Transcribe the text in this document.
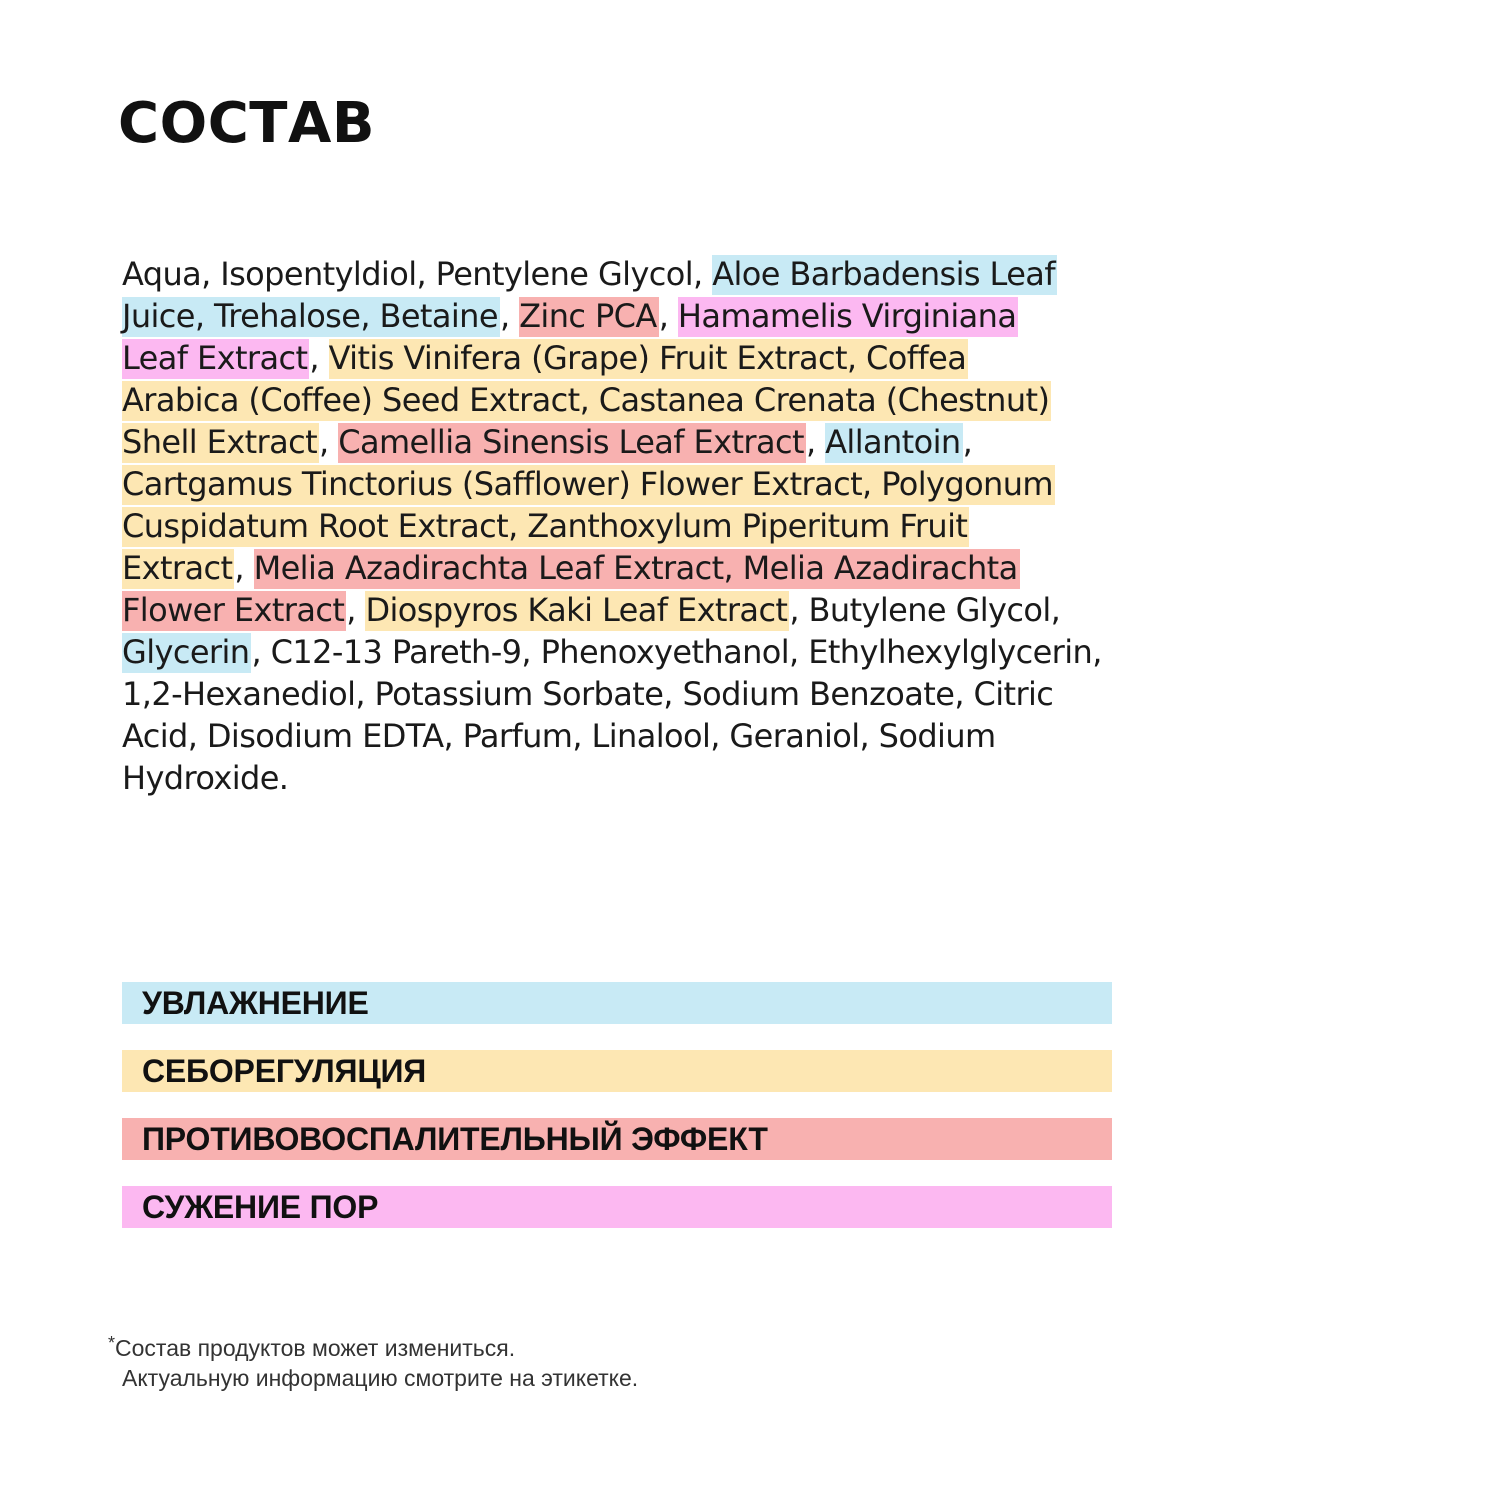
СОСТАВ
Aqua, Isopentyldiol, Pentylene Glycol, Aloe Barbadensis Leaf
Juice, Trehalose, Betaine, Zinc PCA, Hamamelis Virginiana
Leaf Extract, Vitis Vinifera (Grape) Fruit Extract, Coffea
Arabica (Coffee) Seed Extract, Castanea Crenata (Chestnut)
Shell Extract, Camellia Sinensis Leaf Extract, Allantoin,
Cartgamus Tinctorius (Safflower) Flower Extract, Polygonum
Cuspidatum Root Extract, Zanthoxylum Piperitum Fruit
Extract, Melia Azadirachta Leaf Extract, Melia Azadirachta
Flower Extract, Diospyros Kaki Leaf Extract, Butylene Glycol,
Glycerin, C12-13 Pareth-9, Phenoxyethanol, Ethylhexylglycerin,
1,2-Hexanediol, Potassium Sorbate, Sodium Benzoate, Citric
Acid, Disodium EDTA, Parfum, Linalool, Geraniol, Sodium
Hydroxide.
УВЛАЖНЕНИЕ
СЕБОРЕГУЛЯЦИЯ
ПРОТИВОВОСПАЛИТЕЛЬНЫЙ ЭФФЕКТ
СУЖЕНИЕ ПОР
*Состав продуктов может измениться.
Актуальную информацию смотрите на этикетке.
